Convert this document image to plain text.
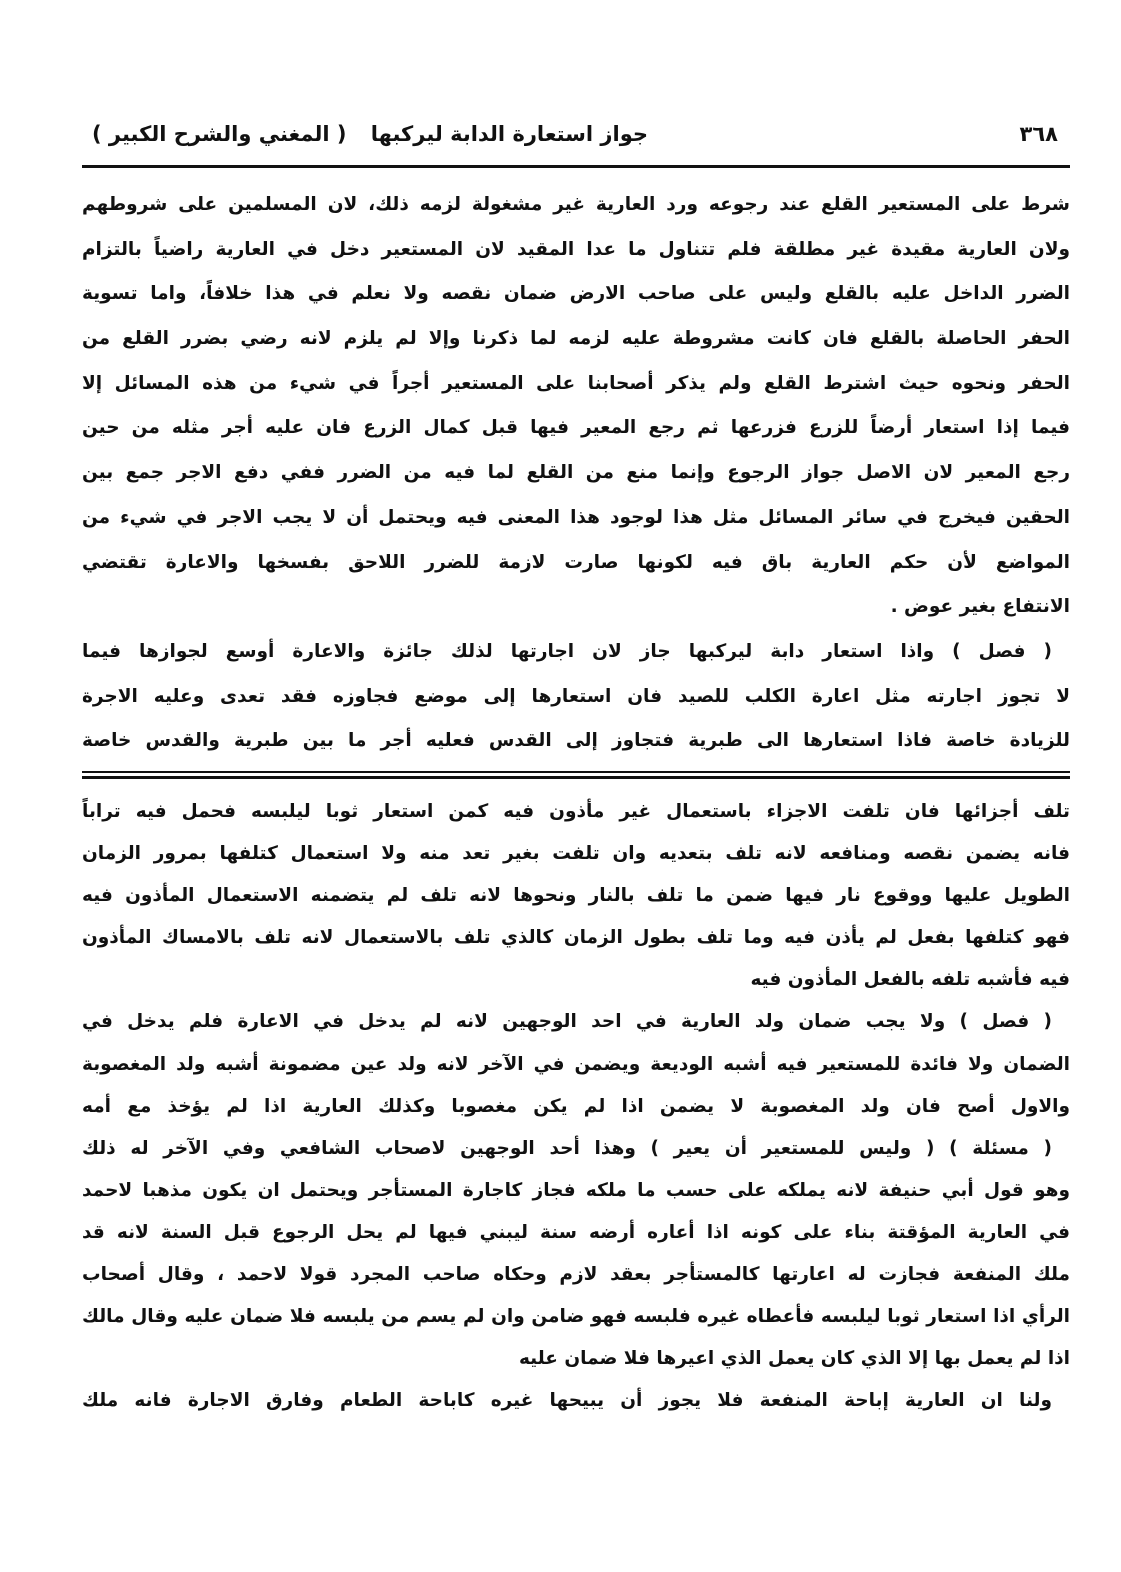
٣٦٨
جواز استعارة الدابة ليركبها
( المغني والشرح الكبير )
شرط على المستعير القلع عند رجوعه ورد العارية غير مشغولة لزمه ذلك، لان المسلمين على شروطهم
ولان العارية مقيدة غير مطلقة فلم تتناول ما عدا المقيد لان المستعير دخل في العارية راضياً بالتزام
الضرر الداخل عليه بالقلع وليس على صاحب الارض ضمان نقصه ولا نعلم في هذا خلافاً، واما تسوية
الحفر الحاصلة بالقلع فان كانت مشروطة عليه لزمه لما ذكرنا وإلا لم يلزم لانه رضي بضرر القلع من
الحفر ونحوه حيث اشترط القلع ولم يذكر أصحابنا على المستعير أجراً في شيء من هذه المسائل إلا
فيما إذا استعار أرضاً للزرع فزرعها ثم رجع المعير فيها قبل كمال الزرع فان عليه أجر مثله من حين
رجع المعير لان الاصل جواز الرجوع وإنما منع من القلع لما فيه من الضرر ففي دفع الاجر جمع بين
الحقين فيخرج في سائر المسائل مثل هذا لوجود هذا المعنى فيه ويحتمل أن لا يجب الاجر في شيء من
المواضع لأن حكم العارية باق فيه لكونها صارت لازمة للضرر اللاحق بفسخها والاعارة تقتضي
الانتفاع بغير عوض .
( فصل ) واذا استعار دابة ليركبها جاز لان اجارتها لذلك جائزة والاعارة أوسع لجوازها فيما
لا تجوز اجارته مثل اعارة الكلب للصيد فان استعارها إلى موضع فجاوزه فقد تعدى وعليه الاجرة
للزيادة خاصة فاذا استعارها الى طبرية فتجاوز إلى القدس فعليه أجر ما بين طبرية والقدس خاصة
تلف أجزائها فان تلفت الاجزاء باستعمال غير مأذون فيه كمن استعار ثوبا ليلبسه فحمل فيه تراباً
فانه يضمن نقصه ومنافعه لانه تلف بتعديه وان تلفت بغير تعد منه ولا استعمال كتلفها بمرور الزمان
الطويل عليها ووقوع نار فيها ضمن ما تلف بالنار ونحوها لانه تلف لم يتضمنه الاستعمال المأذون فيه
فهو كتلفها بفعل لم يأذن فيه وما تلف بطول الزمان كالذي تلف بالاستعمال لانه تلف بالامساك المأذون
فيه فأشبه تلفه بالفعل المأذون فيه
( فصل ) ولا يجب ضمان ولد العارية في احد الوجهين لانه لم يدخل في الاعارة فلم يدخل في
الضمان ولا فائدة للمستعير فيه أشبه الوديعة ويضمن في الآخر لانه ولد عين مضمونة أشبه ولد المغصوبة
والاول أصح فان ولد المغصوبة لا يضمن اذا لم يكن مغصوبا وكذلك العارية اذا لم يؤخذ مع أمه
( مسئلة ) ( وليس للمستعير أن يعير ) وهذا أحد الوجهين لاصحاب الشافعي وفي الآخر له ذلك
وهو قول أبي حنيفة لانه يملكه على حسب ما ملكه فجاز كاجارة المستأجر ويحتمل ان يكون مذهبا لاحمد
في العارية المؤقتة بناء على كونه اذا أعاره أرضه سنة ليبني فيها لم يحل الرجوع قبل السنة لانه قد
ملك المنفعة فجازت له اعارتها كالمستأجر بعقد لازم وحكاه صاحب المجرد قولا لاحمد ، وقال أصحاب
الرأي اذا استعار ثوبا ليلبسه فأعطاه غيره فلبسه فهو ضامن وان لم يسم من يلبسه فلا ضمان عليه وقال مالك
اذا لم يعمل بها إلا الذي كان يعمل الذي اعيرها فلا ضمان عليه
ولنا ان العارية إباحة المنفعة فلا يجوز أن يبيحها غيره كاباحة الطعام وفارق الاجارة فانه ملك
